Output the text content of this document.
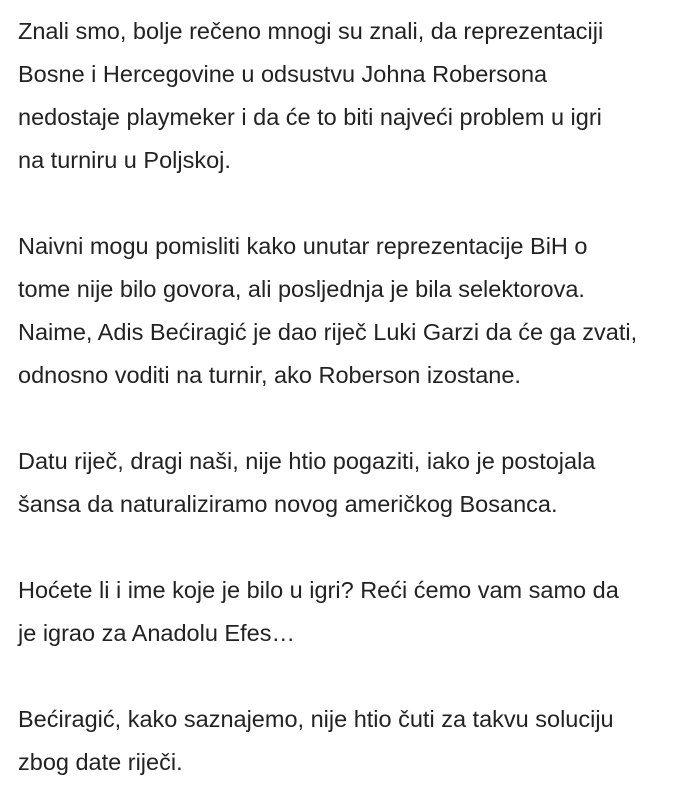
Znali smo, bolje rečeno mnogi su znali, da reprezentaciji
Bosne i Hercegovine u odsustvu Johna Robersona
nedostaje playmeker i da će to biti najveći problem u igri
na turniru u Poljskoj.

Naivni mogu pomisliti kako unutar reprezentacije BiH o
tome nije bilo govora, ali posljednja je bila selektorova.
Naime, Adis Bećiragić je dao riječ Luki Garzi da će ga zvati,
odnosno voditi na turnir, ako Roberson izostane.

Datu riječ, dragi naši, nije htio pogaziti, iako je postojala
šansa da naturaliziramo novog američkog Bosanca.

Hoćete li i ime koje je bilo u igri? Reći ćemo vam samo da
je igrao za Anadolu Efes…

Bećiragić, kako saznajemo, nije htio čuti za takvu soluciju
zbog date riječi.
